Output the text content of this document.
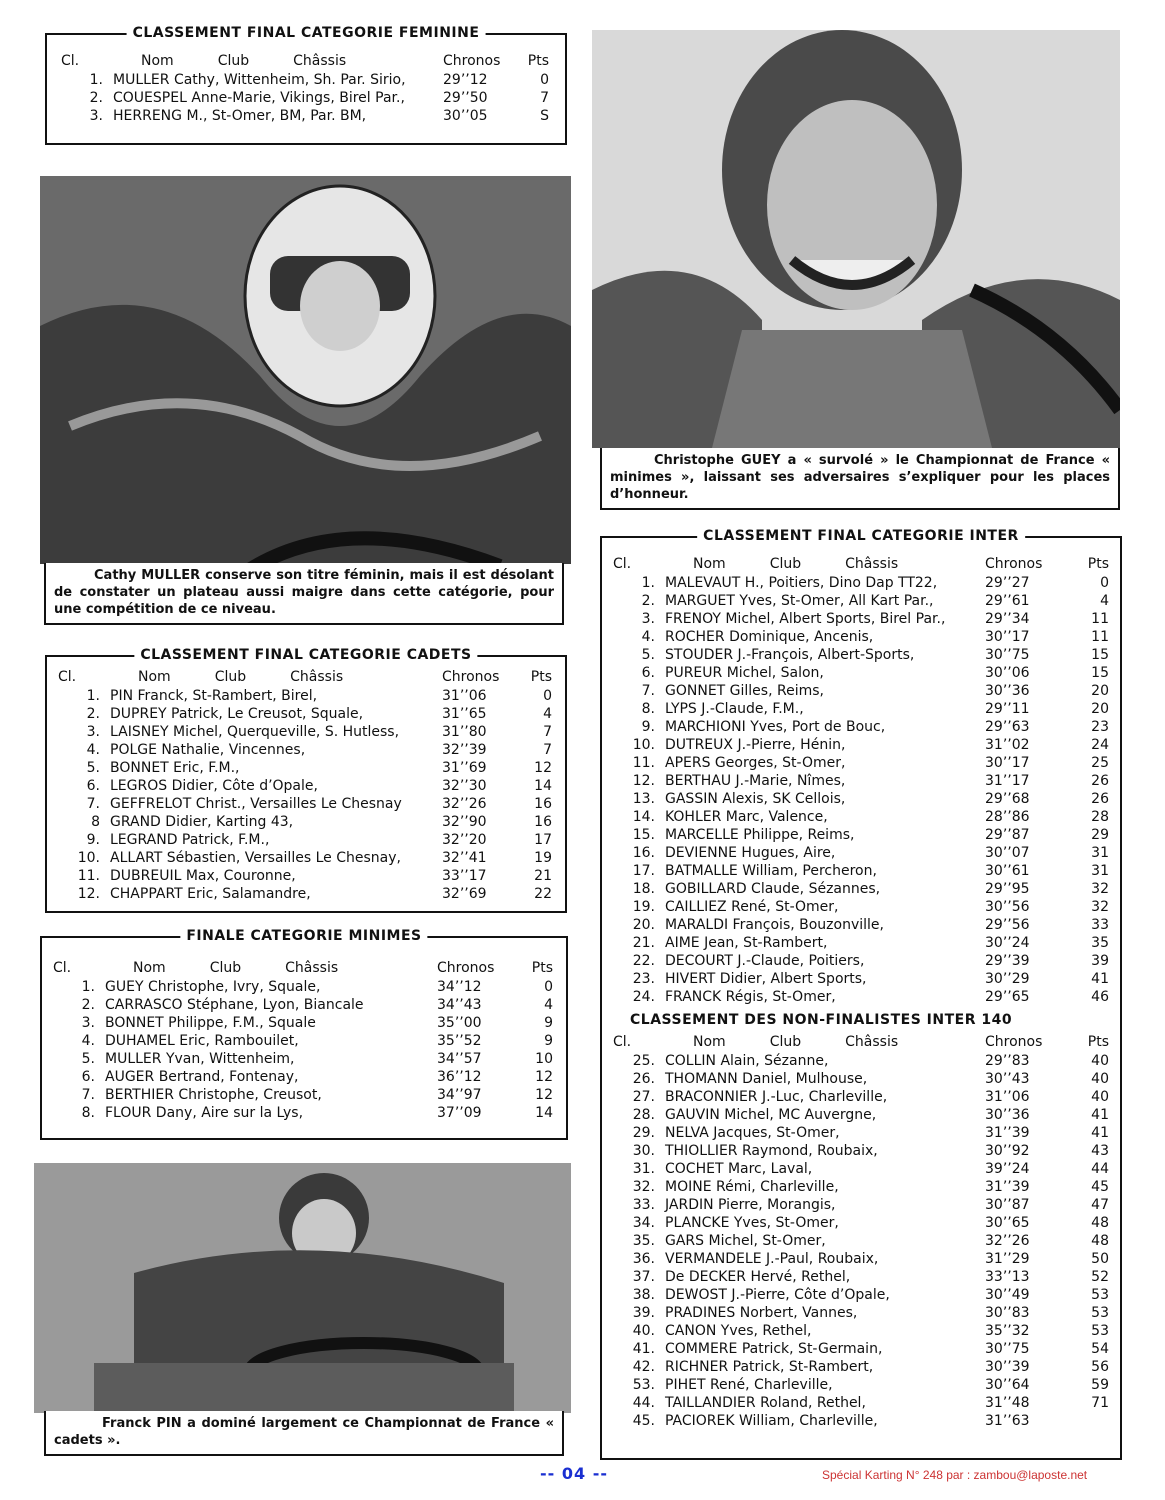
CLASSEMENT FINAL CATEGORIE FEMININE
Cl.	Nom Club Châssis	Chronos	Pts
1.	MULLER Cathy, Wittenheim, Sh. Par. Sirio,	29’’12	0
2.	COUESPEL Anne-Marie, Vikings, Birel Par.,	29’’50	7
3.	HERRENG M., St-Omer, BM, Par. BM,	30’’05	S
Cathy MULLER conserve son titre féminin, mais il est désolant de constater un plateau aussi maigre dans cette catégorie, pour une compétition de ce niveau.
Christophe GUEY a « survolé » le Championnat de France « minimes », laissant ses adversaires s’expliquer pour les places d’honneur.
CLASSEMENT FINAL CATEGORIE CADETS
Cl.	Nom Club Châssis	Chronos	Pts
1.	PIN Franck, St-Rambert, Birel,	31’’06	0
2.	DUPREY Patrick, Le Creusot, Squale,	31’’65	4
3.	LAISNEY Michel, Querqueville, S. Hutless,	31’’80	7
4.	POLGE Nathalie, Vincennes,	32’’39	7
5.	BONNET Eric, F.M.,	31’’69	12
6.	LEGROS Didier, Côte d’Opale,	32’’30	14
7.	GEFFRELOT Christ., Versailles Le Chesnay	32’’26	16
8	GRAND Didier, Karting 43,	32’’90	16
9.	LEGRAND Patrick, F.M.,	32’’20	17
10.	ALLART Sébastien, Versailles Le Chesnay,	32’’41	19
11.	DUBREUIL Max, Couronne,	33’’17	21
12.	CHAPPART Eric, Salamandre,	32’’69	22
FINALE CATEGORIE MINIMES
Cl.	Nom Club Châssis	Chronos	Pts
1.	GUEY Christophe, Ivry, Squale,	34’’12	0
2.	CARRASCO Stéphane, Lyon, Biancale	34’’43	4
3.	BONNET Philippe, F.M., Squale	35’’00	9
4.	DUHAMEL Eric, Rambouilet,	35’’52	9
5.	MULLER Yvan, Wittenheim,	34’’57	10
6.	AUGER Bertrand, Fontenay,	36’’12	12
7.	BERTHIER Christophe, Creusot,	34’’97	12
8.	FLOUR Dany, Aire sur la Lys,	37’’09	14
Franck PIN a dominé largement ce Championnat de France « cadets ».
CLASSEMENT FINAL CATEGORIE INTER
Cl.	Nom Club Châssis	Chronos	Pts
1.	MALEVAUT H., Poitiers, Dino Dap TT22,	29’’27	0
2.	MARGUET Yves, St-Omer, All Kart Par.,	29’’61	4
3.	FRENOY Michel, Albert Sports, Birel Par.,	29’’34	11
4.	ROCHER Dominique, Ancenis,	30’’17	11
5.	STOUDER J.-François, Albert-Sports,	30’’75	15
6.	PUREUR Michel, Salon,	30’’06	15
7.	GONNET Gilles, Reims,	30’’36	20
8.	LYPS J.-Claude, F.M.,	29’’11	20
9.	MARCHIONI Yves, Port de Bouc,	29’’63	23
10.	DUTREUX J.-Pierre, Hénin,	31’’02	24
11.	APERS Georges, St-Omer,	30’’17	25
12.	BERTHAU J.-Marie, Nîmes,	31’’17	26
13.	GASSIN Alexis, SK Cellois,	29’’68	26
14.	KOHLER Marc, Valence,	28’’86	28
15.	MARCELLE Philippe, Reims,	29’’87	29
16.	DEVIENNE Hugues, Aire,	30’’07	31
17.	BATMALLE William, Percheron,	30’’61	31
18.	GOBILLARD Claude, Sézannes,	29’’95	32
19.	CAILLIEZ René, St-Omer,	30’’56	32
20.	MARALDI François, Bouzonville,	29’’56	33
21.	AIME Jean, St-Rambert,	30’’24	35
22.	DECOURT J.-Claude, Poitiers,	29’’39	39
23.	HIVERT Didier, Albert Sports,	30’’29	41
24.	FRANCK Régis, St-Omer,	29’’65	46
CLASSEMENT DES NON-FINALISTES INTER 140
Cl.	Nom Club Châssis	Chronos	Pts
25.	COLLIN Alain, Sézanne,	29’’83	40
26.	THOMANN Daniel, Mulhouse,	30’’43	40
27.	BRACONNIER J.-Luc, Charleville,	31’’06	40
28.	GAUVIN Michel, MC Auvergne,	30’’36	41
29.	NELVA Jacques, St-Omer,	31’’39	41
30.	THIOLLIER Raymond, Roubaix,	30’’92	43
31.	COCHET Marc, Laval,	39’’24	44
32.	MOINE Rémi, Charleville,	31’’39	45
33.	JARDIN Pierre, Morangis,	30’’87	47
34.	PLANCKE Yves, St-Omer,	30’’65	48
35.	GARS Michel, St-Omer,	32’’26	48
36.	VERMANDELE J.-Paul, Roubaix,	31’’29	50
37.	De DECKER Hervé, Rethel,	33’’13	52
38.	DEWOST J.-Pierre, Côte d’Opale,	30’’49	53
39.	PRADINES Norbert, Vannes,	30’’83	53
40.	CANON Yves, Rethel,	35’’32	53
41.	COMMERE Patrick, St-Germain,	30’’75	54
42.	RICHNER Patrick, St-Rambert,	30’’39	56
53.	PIHET René, Charleville,	30’’64	59
44.	TAILLANDIER Roland, Rethel,	31’’48	71
45.	PACIOREK William, Charleville,	31’’63	
-- 04 --	Spécial Karting N° 248 par : zambou@laposte.net
